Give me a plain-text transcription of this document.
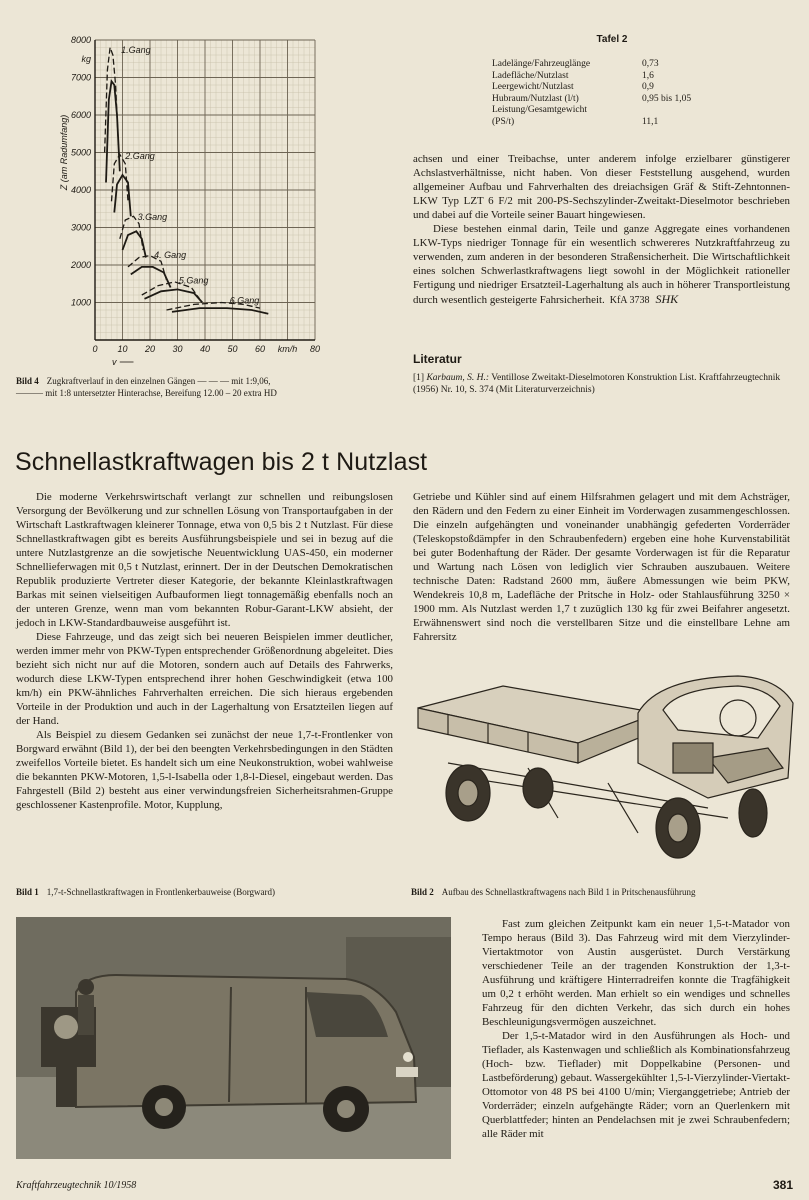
1000
2000
3000
4000
5000
6000
7000
8000
kg
0 10 20 30 40 50 60 km/h 80
v
Z (am Radumfang)
1.Gang
2.Gang
3.Gang
4. Gang
5.Gang
6.Gang
Bild 4 Zugkraftverlauf in den einzelnen Gängen — — — mit 1:9,06,
——— mit 1:8 untersetzter Hinterachse, Bereifung 12.00 – 20 extra HD
Tafel 2
Ladelänge/Fahrzeuglänge	0,73
Ladefläche/Nutzlast	1,6
Leergewicht/Nutzlast	0,9
Hubraum/Nutzlast (l/t)	0,95 bis 1,05
Leistung/Gesamtgewicht
(PS/t)	11,1

achsen und einer Treibachse, unter anderem infolge erzielbarer günstigerer Achslastverhältnisse, nicht haben. Von dieser Feststellung ausgehend, wurden allgemeiner Aufbau und Fahrverhalten des dreiachsigen Gräf & Stift-Zehntonnen-LKW Typ LZT 6 F/2 mit 200-PS-Sechszylinder-Zweitakt-Dieselmotor beschrieben und dabei auf die Vorteile seiner Bauart hingewiesen.

Diese bestehen einmal darin, Teile und ganze Aggregate eines vorhandenen LKW-Typs niedriger Tonnage für ein wesentlich schwereres Nutzkraftfahrzeug zu verwenden, zum anderen in der besonderen Straßensicherheit. Die Wirtschaftlichkeit eines solchen Schwerlastkraftwagens liegt sowohl in der Möglichkeit rationeller Fertigung und niedriger Ersatzteil-Lagerhaltung als auch in höherer Transportleistung durch wesentlich gesteigerte Fahrsicherheit. KfA 3738 SHK

Literatur
[1] Karbaum, S. H.: Ventillose Zweitakt-Dieselmotoren Konstruktion List. Kraftfahrzeugtechnik (1956) Nr. 10, S. 374 (Mit Literaturverzeichnis)
Schnellastkraftwagen bis 2 t Nutzlast

Die moderne Verkehrswirtschaft verlangt zur schnellen und reibungslosen Versorgung der Bevölkerung und zur schnellen Lösung von Transportaufgaben in der Wirtschaft Lastkraftwagen kleinerer Tonnage, etwa von 0,5 bis 2 t Nutzlast. Für diese Schnellastkraftwagen gibt es bereits Ausführungsbeispiele und sei in bezug auf die untere Nutzlastgrenze an die sowjetische Neuentwicklung UAS-450, ein moderner Schnellieferwagen mit 0,5 t Nutzlast, erinnert. Der in der Deutschen Demokratischen Republik produzierte Vertreter dieser Kategorie, der bekannte Kleinlastkraftwagen Barkas mit seinen vielseitigen Aufbauformen liegt tonnagemäßig ebenfalls noch an der unteren Grenze, wenn man vom bekannten Robur-Garant-LKW absieht, der jedoch in LKW-Standardbauweise ausgeführt ist.

Diese Fahrzeuge, und das zeigt sich bei neueren Beispielen immer deutlicher, werden immer mehr von PKW-Typen entsprechender Größenordnung abgeleitet. Dies bezieht sich nicht nur auf die Motoren, sondern auch auf Details des Fahrwerks, wodurch diese LKW-Typen entsprechend ihrer hohen Geschwindigkeit (etwa 100 km/h) ein PKW-ähnliches Fahrverhalten erreichen. Die sich hieraus ergebenden Vorteile in der Produktion und auch in der Lagerhaltung von Ersatzteilen liegen auf der Hand.

Als Beispiel zu diesem Gedanken sei zunächst der neue 1,7-t-Frontlenker von Borgward erwähnt (Bild 1), der bei den beengten Verkehrsbedingungen in den Städten zweifellos Vorteile bietet. Es handelt sich um eine Neukonstruktion, wobei wahlweise die bekannten PKW-Motoren, 1,5-l-Isabella oder 1,8-l-Diesel, eingebaut werden. Das Fahrgestell (Bild 2) besteht aus einer verwindungsfreien Sicherheitsrahmen-Gruppe geschlossener Kastenprofile. Motor, Kupplung,

Getriebe und Kühler sind auf einem Hilfsrahmen gelagert und mit dem Achsträger, den Rädern und den Federn zu einer Einheit im Vorderwagen zusammengeschlossen. Die einzeln aufgehängten und voneinander unabhängig gefederten Vorderräder (Teleskopstoßdämpfer in den Schraubenfedern) ergeben eine hohe Kurvenstabilität bei guter Bodenhaftung der Räder. Der gesamte Vorderwagen ist für die Reparatur und Wartung nach Lösen von lediglich vier Schrauben auszubauen. Weitere technische Daten: Radstand 2600 mm, äußere Abmessungen wie beim PKW, Wendekreis 10,8 m, Ladefläche der Pritsche in Holz- oder Stahlausführung 3250 × 1900 mm. Als Nutzlast werden 1,7 t zuzüglich 130 kg für zwei Beifahrer angesetzt. Erwähnenswert sind noch die verstellbaren Sitze und die einstellbare Lehne am Fahrersitz

Bild 1 1,7-t-Schnellastkraftwagen in Frontlenkerbauweise (Borgward)	Bild 2 Aufbau des Schnellastkraftwagens nach Bild 1 in Pritschenausführung

Fast zum gleichen Zeitpunkt kam ein neuer 1,5-t-Matador von Tempo heraus (Bild 3). Das Fahrzeug wird mit dem Vierzylinder-Viertaktmotor von Austin ausgerüstet. Durch Verstärkung verschiedener Teile an der tragenden Konstruktion der 1,3-t-Ausführung und kräftigere Hinterradreifen konnte die Tragfähigkeit um 0,2 t erhöht werden. Man erhielt so ein wendiges und schnelles Fahrzeug für den dichten Verkehr, das sich durch ein hohes Beschleunigungsvermögen auszeichnet.

Der 1,5-t-Matador wird in den Ausführungen als Hoch- und Tieflader, als Kastenwagen und schließlich als Kombinationsfahrzeug (Hoch- bzw. Tieflader) mit Doppelkabine (Personen- und Lastbeförderung) gebaut. Wassergekühlter 1,5-l-Vierzylinder-Viertakt-Ottomotor von 48 PS bei 4100 U/min; Vierganggetriebe; Antrieb der Vorderräder; einzeln aufgehängte Räder; vorn an Querlenkern mit Querblattfeder; hinten an Pendelachsen mit je zwei Schraubenfedern; alle Räder mit

Kraftfahrzeugtechnik 10/1958	381
